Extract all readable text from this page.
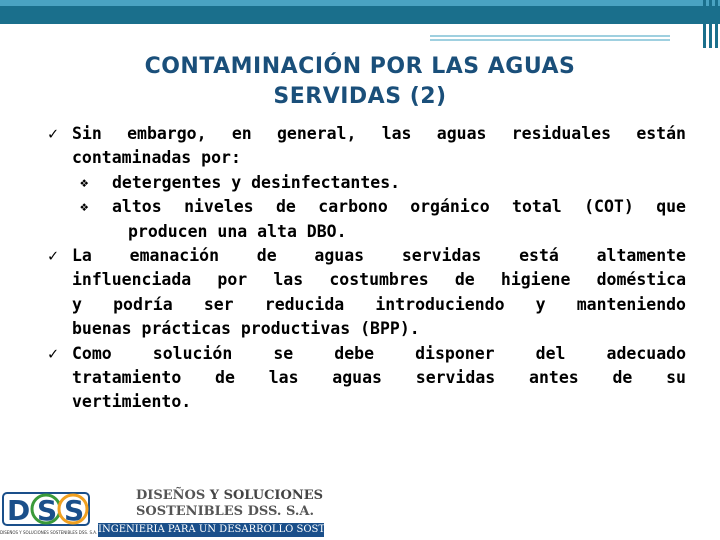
CONTAMINACIÓN POR LAS AGUAS
SERVIDAS (2)
✓ Sin embargo, en general, las aguas residuales están
contaminadas por:
❖ detergentes y desinfectantes.
❖ altos niveles de carbono orgánico total (COT) que
producen una alta DBO.
✓ La emanación de aguas servidas está altamente
influenciada por las costumbres de higiene doméstica
y podría ser reducida introduciendo y manteniendo
buenas prácticas productivas (BPP).
✓ Como solución se debe disponer del adecuado
tratamiento de las aguas servidas antes de su
vertimiento.
D S S
DISEÑOS Y SOLUCIONES SOSTENIBLES DSS. S.A.
DISEÑOS Y SOLUCIONES
SOSTENIBLES DSS. S.A.
INGENIERIA PARA UN DESARROLLO SOSTENIBLE
